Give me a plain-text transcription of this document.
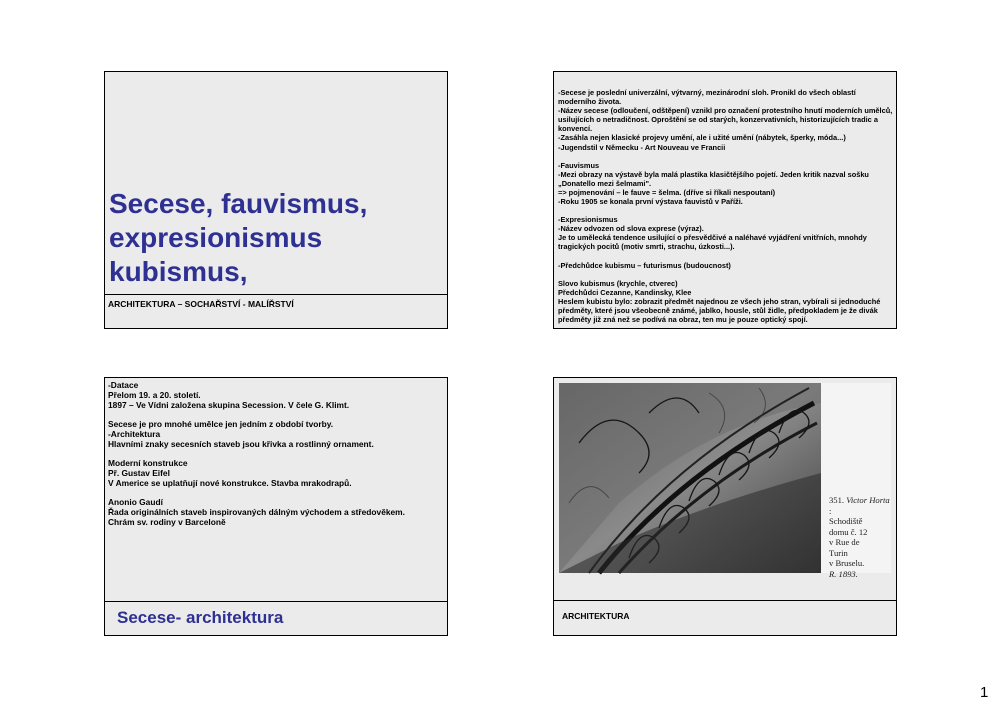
Secese, fauvismus,
expresionismus
kubismus,
ARCHITEKTURA – SOCHAŘSTVÍ - MALÍŘSTVÍ
-Secese je poslední univerzální, výtvarný, mezinárodní sloh. Pronikl do všech oblastí moderního života.
-Název secese (odloučení, odštěpení) vznikl pro označení protestního hnutí moderních umělců, usilujících o netradičnost. Oproštění se od starých, konzervativních, historizujících tradic a konvencí.
-Zasáhla nejen klasické projevy umění, ale i užité umění (nábytek, šperky, móda...)
-Jugendstil v Německu - Art Nouveau ve Francii
-Fauvismus
-Mezi obrazy na výstavě byla malá plastika klasičtějšího pojetí. Jeden kritik nazval sošku „Donatello mezi šelmami".
=> pojmenování – le fauve = šelma. (dříve si říkali nespoutaní)
-Roku 1905 se konala první výstava fauvistů v Paříži.
-Expresionismus
-Název odvozen od slova exprese (výraz).
Je to umělecká tendence usilující o přesvědčivé a naléhavé vyjádření vnitřních, mnohdy tragických pocitů (motiv smrti, strachu, úzkosti...).
-Předchůdce kubismu – futurismus (budoucnost)
Slovo kubismus (krychle, ctverec)
Předchůdci Cezanne, Kandinsky, Klee
Heslem kubistu bylo: zobrazit předmět najednou ze všech jeho stran, vybírali si jednoduché předměty, které jsou všeobecně známé, jablko, housle, stůl židle, předpokladem je že divák předměty již zná než se podívá na obraz, ten mu je pouze optický spojí.
-Datace
Přelom 19. a 20. století.
1897 – Ve Vídni založena skupina Secession. V čele G. Klimt.
Secese je pro mnohé umělce jen jedním z období tvorby.
-Architektura
Hlavními znaky secesních staveb jsou křivka a rostlinný ornament.
Moderní konstrukce
Př. Gustav Eifel
V Americe se uplatňují nové konstrukce. Stavba mrakodrapů.
Anonio Gaudí
Řada originálních staveb inspirovaných dálným východem a středověkem.
Chrám sv. rodiny v Barceloně
Secese- architektura
351. Victor Horta :
Schodiště
domu č. 12
v Rue de
Turin
v Bruselu.
R. 1893.
ARCHITEKTURA
1
